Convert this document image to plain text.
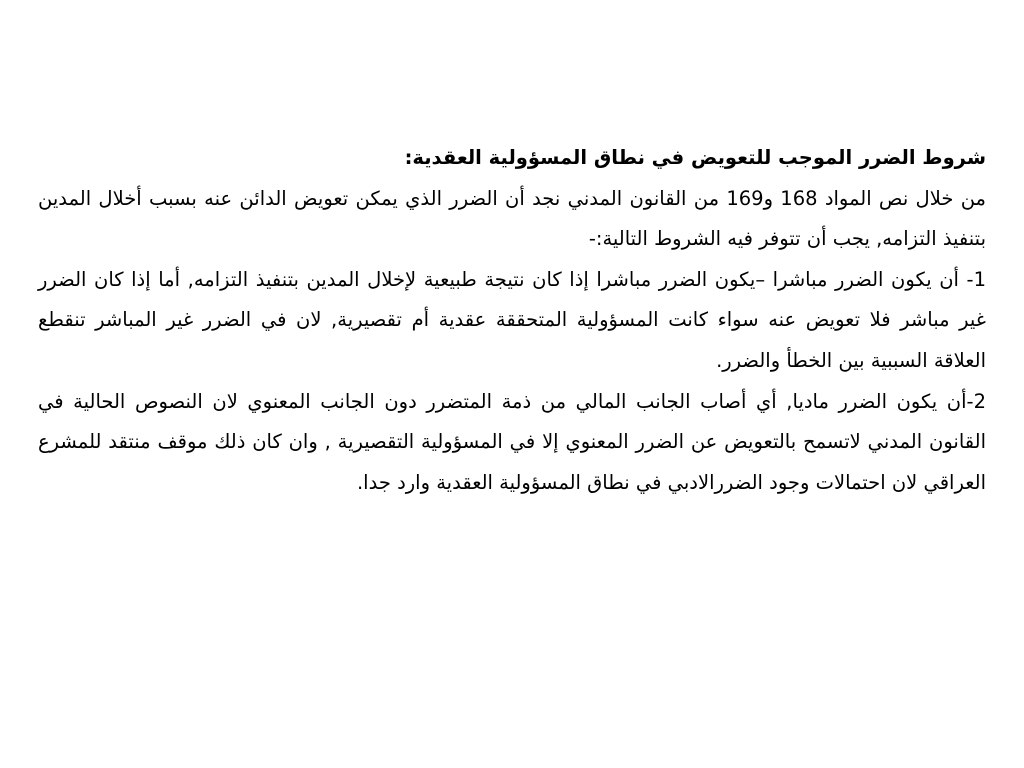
شروط الضرر الموجب للتعويض في نطاق المسؤولية العقدية:

من خلال نص المواد 168 و169 من القانون المدني نجد أن الضرر الذي يمكن تعويض الدائن عنه بسبب أخلال المدين بتنفيذ التزامه, يجب أن تتوفر فيه الشروط التالية:-

1- أن يكون الضرر مباشرا –يكون الضرر مباشرا إذا كان نتيجة طبيعية لإخلال المدين بتنفيذ التزامه, أما إذا كان الضرر غير مباشر فلا تعويض عنه سواء كانت المسؤولية المتحققة عقدية أم تقصيرية, لان في الضرر غير المباشر تنقطع العلاقة السببية بين الخطأ والضرر.

2-أن يكون الضرر ماديا, أي أصاب الجانب المالي من ذمة المتضرر دون الجانب المعنوي لان النصوص الحالية في القانون المدني لاتسمح بالتعويض عن الضرر المعنوي إلا في المسؤولية التقصيرية , وان كان ذلك موقف منتقد للمشرع العراقي لان احتمالات وجود الضررالادبي في نطاق المسؤولية العقدية وارد جدا.
